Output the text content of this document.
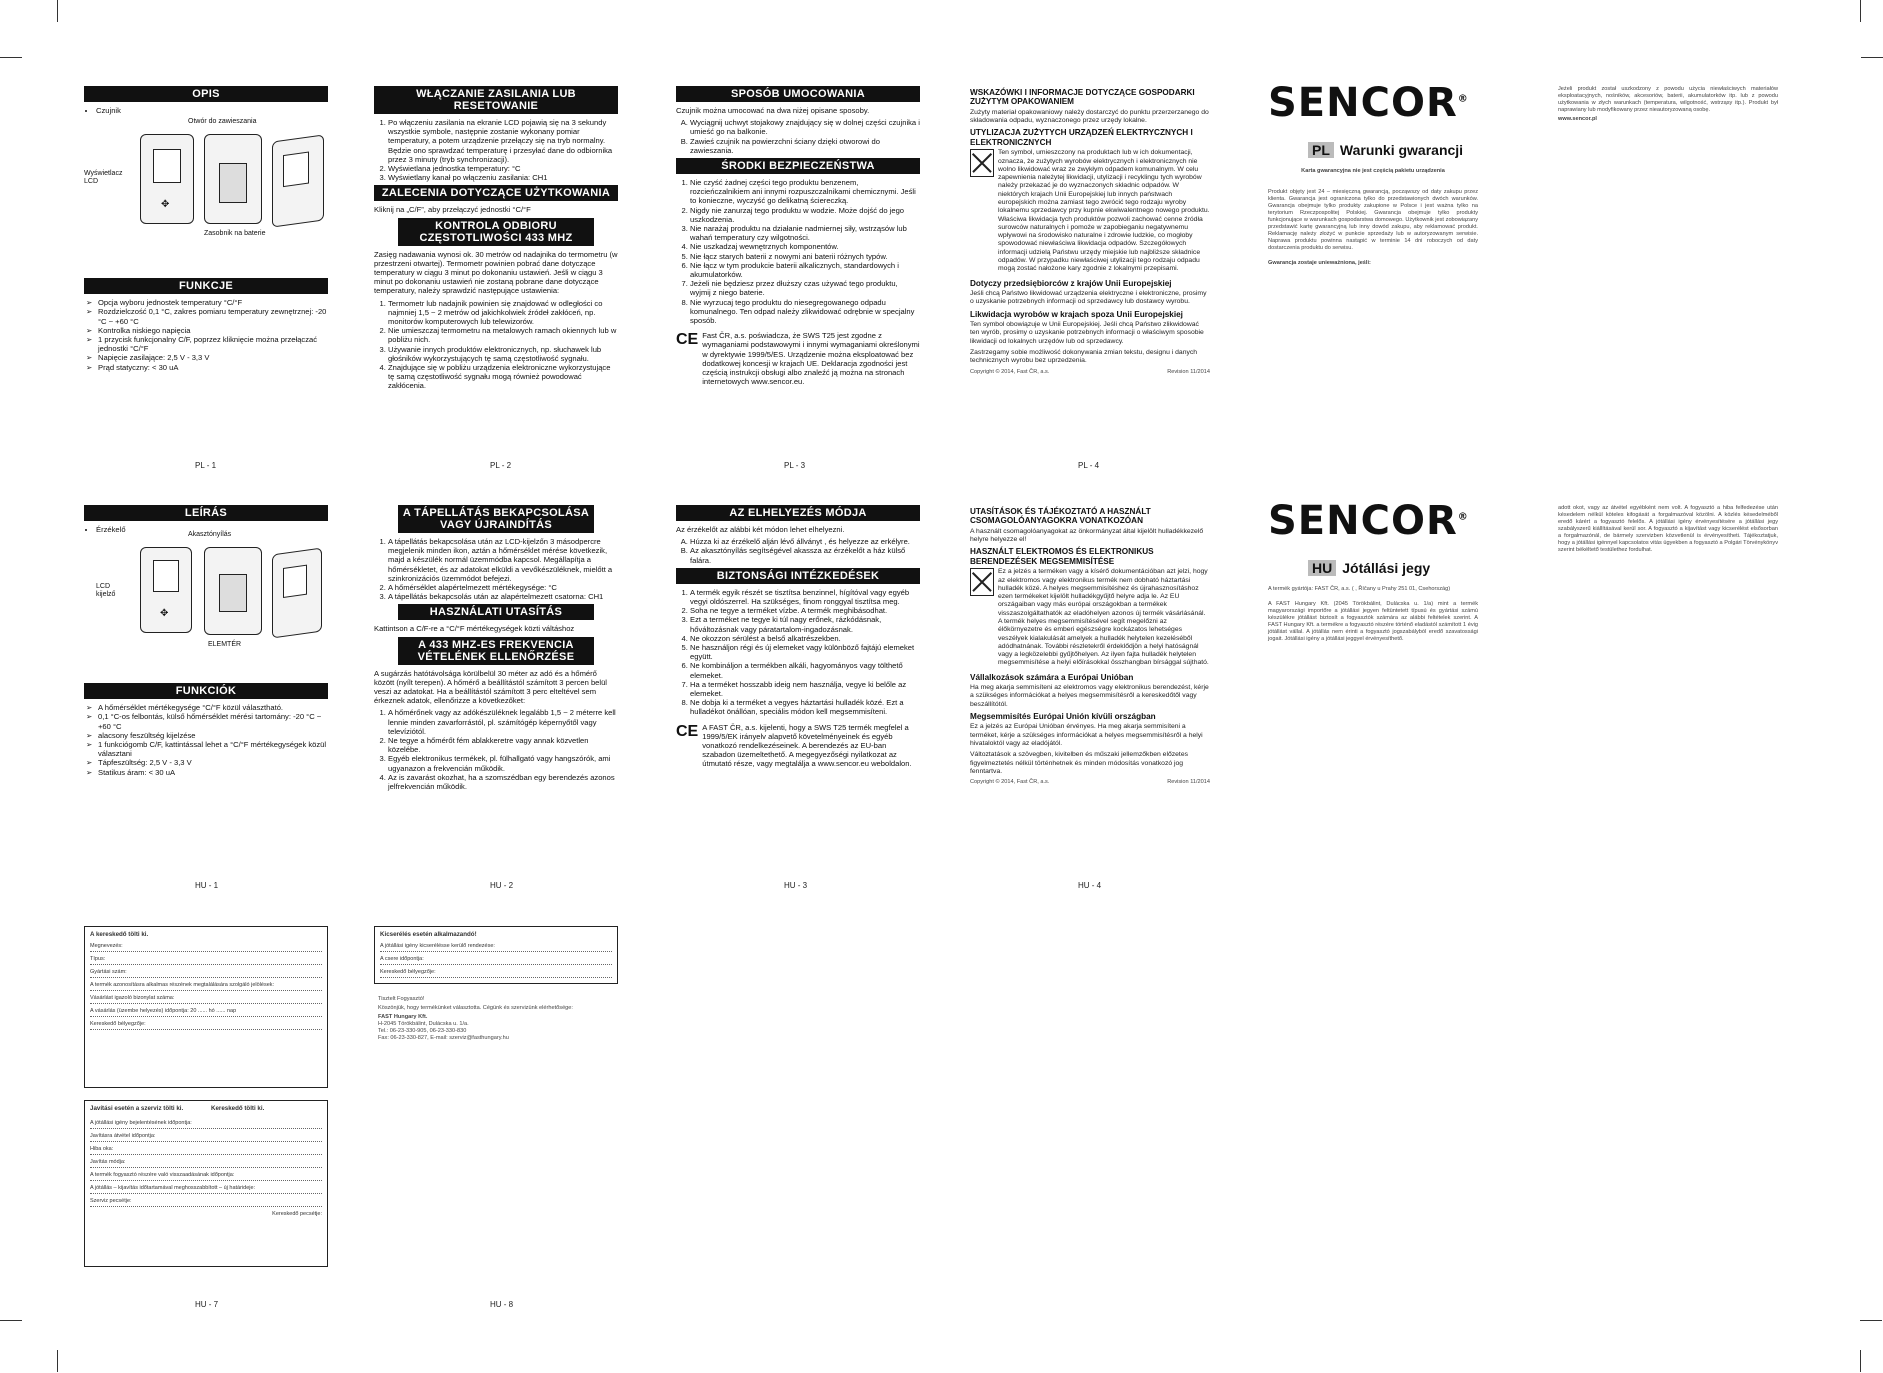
OPIS
• Czujnik
Otwór do zawieszania
Wyświetlacz LCD
✥
Zasobnik na baterie
FUNKCJE
➢ Opcja wyboru jednostek temperatury °C/°F
➢ Rozdzielczość 0,1 °C, zakres pomiaru temperatury zewnętrznej: -20 °C ~ +60 °C
➢ Kontrolka niskiego napięcia
➢ 1 przycisk funkcjonalny C/F, poprzez kliknięcie można przełączać jednostki °C/°F
➢ Napięcie zasilające: 2,5 V - 3,3 V
➢ Prąd statyczny: < 30 uA
PL - 1
WŁĄCZANIE ZASILANIA LUB RESETOWANIE
1. Po włączeniu zasilania na ekranie LCD pojawią się na 3 sekundy wszystkie symbole, następnie zostanie wykonany pomiar temperatury, a potem urządzenie przełączy się na tryb normalny. Będzie ono sprawdzać temperaturę i przesyłać dane do odbiornika przez 3 minuty (tryb synchronizacji).
2. Wyświetlana jednostka temperatury: °C
3. Wyświetlany kanał po włączeniu zasilania: CH1
ZALECENIA DOTYCZĄCE UŻYTKOWANIA

Kliknij na „C/F”, aby przełączyć jednostki °C/°F

KONTROLA ODBIORU CZĘSTOTLIWOŚCI 433 MHZ

Zasięg nadawania wynosi ok. 30 metrów od nadajnika do termometru (w przestrzeni otwartej). Termometr powinien pobrać dane dotyczące temperatury w ciągu 3 minut po dokonaniu ustawień. Jeśli w ciągu 3 minut po dokonaniu ustawień nie zostaną pobrane dane dotyczące temperatury, należy sprawdzić następujące ustawienia:

1. Termometr lub nadajnik powinien się znajdować w odległości co najmniej 1,5 ~ 2 metrów od jakichkolwiek źródeł zakłóceń, np. monitorów komputerowych lub telewizorów.
2. Nie umieszczaj termometru na metalowych ramach okiennych lub w pobliżu nich.
3. Używanie innych produktów elektronicznych, np. słuchawek lub głośników wykorzystujących tę samą częstotliwość sygnału.
4. Znajdujące się w pobliżu urządzenia elektroniczne wykorzystujące tę samą częstotliwość sygnału mogą również powodować zakłócenia.
PL - 2
SPOSÓB UMOCOWANIA

Czujnik można umocować na dwa niżej opisane sposoby.

A. Wyciągnij uchwyt stojakowy znajdujący się w dolnej części czujnika i umieść go na balkonie.
B. Zawieś czujnik na powierzchni ściany dzięki otworowi do zawieszania.
ŚRODKI BEZPIECZEŃSTWA
1. Nie czyść żadnej części tego produktu benzenem, rozcieńczalnikiem ani innymi rozpuszczalnikami chemicznymi. Jeśli to konieczne, wyczyść go delikatną ściereczką.
2. Nigdy nie zanurzaj tego produktu w wodzie. Może dojść do jego uszkodzenia.
3. Nie narażaj produktu na działanie nadmiernej siły, wstrząsów lub wahań temperatury czy wilgotności.
4. Nie uszkadzaj wewnętrznych komponentów.
5. Nie łącz starych baterii z nowymi ani baterii różnych typów.
6. Nie łącz w tym produkcie baterii alkalicznych, standardowych i akumulatorków.
7. Jeżeli nie będziesz przez dłuższy czas używać tego produktu, wyjmij z niego baterie.
8. Nie wyrzucaj tego produktu do niesegregowanego odpadu komunalnego. Ten odpad należy zlikwidować odrębnie w specjalny sposób.
CE Fast ČR, a.s. poświadcza, że SWS T25 jest zgodne z wymaganiami podstawowymi i innymi wymaganiami określonymi w dyrektywie 1999/5/ES. Urządzenie można eksploatować bez dodatkowej koncesji w krajach UE. Deklaracja zgodności jest częścią instrukcji obsługi albo znaleźć ją można na stronach internetowych www.sencor.eu.

PL - 3
WSKAZÓWKI I INFORMACJE DOTYCZĄCE GOSPODARKI ZUŻYTYM OPAKOWANIEM

Zużyty materiał opakowaniowy należy dostarczyć do punktu przerzerzanego do składowania odpadu, wyznaczonego przez urzędy lokalne.

UTYLIZACJA ZUŻYTYCH URZĄDZEŃ ELEKTRYCZNYCH I ELEKTRONICZNYCH

Ten symbol, umieszczony na produktach lub w ich dokumentacji, oznacza, że zużytych wyrobów elektrycznych i elektronicznych nie wolno likwidować wraz ze zwykłym odpadem komunalnym. W celu zapewnienia należytej likwidacji, utylizacji i recyklingu tych wyrobów należy przekazać je do wyznaczonych składnic odpadów. W niektórych krajach Unii Europejskiej lub innych państwach europejskich można zamiast tego zwrócić tego rodzaju wyroby lokalnemu sprzedawcy przy kupnie ekwiwalentnego nowego produktu. Właściwa likwidacja tych produktów pozwoli zachować cenne źródła surowców naturalnych i pomoże w zapobieganiu negatywnemu wpływowi na środowisko naturalne i zdrowie ludzkie, co mogłoby spowodować niewłaściwa likwidacja odpadów. Szczegółowych informacji udzielą Państwu urzędy miejskie lub najbliższe składnice odpadów. W przypadku niewłaściwej utylizacji tego rodzaju odpadu mogą zostać nałożone kary zgodnie z lokalnymi przepisami.

Dotyczy przedsiębiorców z krajów Unii Europejskiej

Jeśli chcą Państwo likwidować urządzenia elektryczne i elektroniczne, prosimy o uzyskanie potrzebnych informacji od sprzedawcy lub dostawcy wyrobu.

Likwidacja wyrobów w krajach spoza Unii Europejskiej

Ten symbol obowiązuje w Unii Europejskiej. Jeśli chcą Państwo zlikwidować ten wyrób, prosimy o uzyskanie potrzebnych informacji o właściwym sposobie likwidacji od lokalnych urzędów lub od sprzedawcy.

Zastrzegamy sobie możliwość dokonywania zmian tekstu, designu i danych technicznych wyrobu bez uprzedzenia.

Copyright © 2014, Fast ČR, a.s.	Revision 11/2014
PL - 4
SENCOR®
PL Warunki gwarancji

Karta gwarancyjna nie jest częścią pakietu urządzenia

Produkt objęty jest 24 – miesięczną gwarancją, począwszy od daty zakupu przez klienta. Gwarancja jest ograniczona tylko do przedstawionych dwóch warunków. Gwarancja obejmuje tylko produkty zakupione w Polsce i jest ważna tylko na terytorium Rzeczpospolitej Polskiej. Gwarancja obejmuje tylko produkty funkcjonujące w warunkach gospodarstwa domowego. Użytkownik jest zobowiązany przedstawić kartę gwarancyjną lub inny dowód zakupu, aby reklamować produkt. Reklamację należy złożyć w punkcie sprzedaży lub w autoryzowanym serwisie. Naprawa produktu powinna nastąpić w terminie 14 dni roboczych od daty dostarczenia produktu do serwisu.

Gwarancja zostaje unieważniona, jeśli:

Jeżeli produkt został uszkodzony z powodu użycia niewłaściwych materiałów eksploatacyjnych, nośników, akcesoriów, baterii, akumulatorków itp. lub z powodu użytkowania w złych warunkach (temperatura, wilgotność, wstrząsy itp.). Produkt był naprawiany lub modyfikowany przez nieautoryzowaną osobę.

www.sencor.pl

LEÍRÁS
• Érzékelő
Akasztónyílás
LCD kijelző
✥
ELEMTÉR
FUNKCIÓK
➢ A hőmérséklet mértékegysége °C/°F közül választható.
➢ 0,1 °C-os felbontás, külső hőmérséklet mérési tartomány: -20 °C ~ +60 °C
➢ alacsony feszültség kijelzése
➢ 1 funkciógomb C/F, kattintással lehet a °C/°F mértékegységek közül választani
➢ Tápfeszültség: 2,5 V - 3,3 V
➢ Statikus áram: < 30 uA
HU - 1
A TÁPELLÁTÁS BEKAPCSOLÁSA VAGY ÚJRAINDÍTÁS
1. A tápellátás bekapcsolása után az LCD-kijelzőn 3 másodpercre megjelenik minden ikon, aztán a hőmérséklet mérése következik, majd a készülék normál üzemmódba kapcsol. Megállapítja a hőmérsékletet, és az adatokat elküldi a vevőkészüléknek, mielőtt a szinkronizációs üzemmódot befejezi.
2. A hőmérséklet alapértelmezett mértékegysége: °C
3. A tápellátás bekapcsolás után az alapértelmezett csatorna: CH1
HASZNÁLATI UTASÍTÁS

Kattintson a C/F-re a °C/°F mértékegységek közti váltáshoz

A 433 MHZ-ES FREKVENCIA VÉTELÉNEK ELLENŐRZÉSE

A sugárzás hatótávolsága körülbelül 30 méter az adó és a hőmérő között (nyílt terepen). A hőmérő a beállítástól számított 3 percen belül veszi az adatokat. Ha a beállítástól számított 3 perc elteltével sem érkeznek adatok, ellenőrizze a következőket:

1. A hőmérőnek vagy az adókészüléknek legalább 1,5 ~ 2 méterre kell lennie minden zavarforrástól, pl. számítógép képernyőtől vagy televíziótól.
2. Ne tegye a hőmérőt fém ablakkeretre vagy annak közvetlen közelébe.
3. Egyéb elektronikus termékek, pl. fülhallgató vagy hangszórók, ami ugyanazon a frekvencián működik.
4. Az is zavarást okozhat, ha a szomszédban egy berendezés azonos jelfrekvencián működik.
HU - 2
AZ ELHELYEZÉS MÓDJA

Az érzékelőt az alábbi két módon lehet elhelyezni.

A. Húzza ki az érzékelő alján lévő állványt , és helyezze az erkélyre.
B. Az akasztónyílás segítségével akassza az érzékelőt a ház külső falára.
BIZTONSÁGI INTÉZKEDÉSEK
1. A termék egyik részét se tisztítsa benzinnel, hígítóval vagy egyéb vegyi oldószerrel. Ha szükséges, finom ronggyal tisztítsa meg.
2. Soha ne tegye a terméket vízbe. A termék meghibásodhat.
3. Ezt a terméket ne tegye ki túl nagy erőnek, rázkódásnak, hőváltozásnak vagy páratartalom-ingadozásnak.
4. Ne okozzon sérülést a belső alkatrészekben.
5. Ne használjon régi és új elemeket vagy különböző fajtájú elemeket együtt.
6. Ne kombináljon a termékben alkáli, hagyományos vagy tölthető elemeket.
7. Ha a terméket hosszabb ideig nem használja, vegye ki belőle az elemeket.
8. Ne dobja ki a terméket a vegyes háztartási hulladék közé. Ezt a hulladékot önállóan, speciális módon kell megsemmisíteni.
CE A FAST ČR, a.s. kijelenti, hogy a SWS T25 termék megfelel a 1999/5/EK irányelv alapvető követelményeinek és egyéb vonatkozó rendelkezéseinek. A berendezés az EU-ban szabadon üzemeltethető. A megegyezőségi nyilatkozat az útmutató része, vagy megtalálja a www.sencor.eu weboldalon.

HU - 3
UTASÍTÁSOK ÉS TÁJÉKOZTATÓ A HASZNÁLT CSOMAGOLÓANYAGOKRA VONATKOZÓAN

A használt csomagolóanyagokat az önkormányzat által kijelölt hulladékkezelő helyre helyezze el!

HASZNÁLT ELEKTROMOS ÉS ELEKTRONIKUS BERENDEZÉSEK MEGSEMMISÍTÉSE

Ez a jelzés a terméken vagy a kísérő dokumentációban azt jelzi, hogy az elektromos vagy elektronikus termék nem dobható háztartási hulladék közé. A helyes megsemmisítéshez és újrahasznosításhoz ezen termékeket kijelölt hulladékgyűjtő helyre adja le. Az EU országaiban vagy más európai országokban a termékek visszaszolgáltathatók az eladóhelyen azonos új termék vásárlásánál. A termék helyes megsemmisítésével segít megelőzni az élőkörnyezetre és emberi egészségre kockázatos lehetséges veszélyek kialakulását amelyek a hulladék helytelen kezeléséből adódhatnának. További részletekről érdeklődjön a helyi hatóságnál vagy a legközelebbi gyűjtőhelyen. Az ilyen fajta hulladék helytelen megsemmisítése a helyi előírásokkal összhangban bírsággal sújtható.

Vállalkozások számára a Európai Unióban

Ha meg akarja semmisíteni az elektromos vagy elektronikus berendezést, kérje a szükséges információkat a helyes megsemmisítésről a kereskedőtől vagy beszállítótól.

Megsemmisítés Európai Unión kívüli országban

Ez a jelzés az Európai Unióban érvényes. Ha meg akarja semmisíteni a terméket, kérje a szükséges információkat a helyes megsemmisítésről a helyi hivataloktól vagy az eladójától.

Változtatások a szövegben, kivitelben és műszaki jellemzőkben előzetes figyelmeztetés nélkül történhetnek és minden módosítás vonatkozó jog fenntartva.

Copyright © 2014, Fast ČR, a.s.	Revision 11/2014
HU - 4
SENCOR®
HU Jótállási jegy

A termék gyártója: FAST ČR, a.s. ( , Říčany u Prahy 251 01, Csehország)

A FAST Hungary Kft. (2045 Törökbálint, Dulácska u. 1/a) mint a termék magyarországi importőre a jótállási jegyen feltüntetett típusú és gyártási számú készülékre jótállást biztosít a fogyasztók számára az alábbi feltételek szerint. A FAST Hungary Kft. a termékre a fogyasztó részére történő eladástól számított 1 évig jótállást vállal. A jótállás nem érinti a fogyasztó jogszabályból eredő szavatossági jogait. Jótállási igény a jótállási jeggyel érvényesíthető.

adott okot, vagy az átvétel egyébként nem volt. A fogyasztó a hiba felfedezése után késedelem nélkül köteles kifogását a forgalmazóval közölni. A közlés késedelméből eredő kárért a fogyasztó felelős. A jótállási igény érvényesítésére a jótállási jegy szabályszerű kiállításával kerül sor. A fogyasztó a kijavítást vagy kicserélést elsősorban a forgalmazónál, de bármely szervizben közvetlenül is érvényesítheti. Tájékoztatjuk, hogy a jótállási igénnyel kapcsolatos vitás ügyekben a fogyasztó a Polgári Törvénykönyv szerint békéltető testülethez fordulhat.

A kereskedő tölti ki.
Megnevezés:
Típus:
Gyártási szám:
A termék azonosításra alkalmas részének megtalálására szolgáló jelölések:
Vásárlást igazoló bizonylat száma:
A vásárlás (üzembe helyezés) időpontja: 20 ...... hó ...... nap
Kereskedő bélyegzője:
Javítási esetén a szerviz tölti ki.	Kereskedő tölti ki.
A jótállási igény bejelentésének időpontja:
Javításra átvétel időpontja:
Hiba oka:
Javítás módja:
A termék fogyasztó részére való visszaadásának időpontja:
A jótállás – kijavítás időtartamával meghosszabbított – új határideje:
Szerviz pecsétje:
Kereskedő pecsétje:
HU - 7
Kicserélés esetén alkalmazandó!
A jótállási igény kicserélésse kerülő rendezése:
A csere időpontja:
Kereskedő bélyegzője:

Tisztelt Fogyasztó!

Köszönjük, hogy termékünket választotta. Cégünk és szervizünk elérhetősége:

FAST Hungary Kft.

H-2045 Törökbálint, Dulácska u. 1/a.

Tel.: 06-23-330-905, 06-23-330-830

Fax: 06-23-330-827, E-mail: szerviz@fasthungary.hu

HU - 8
